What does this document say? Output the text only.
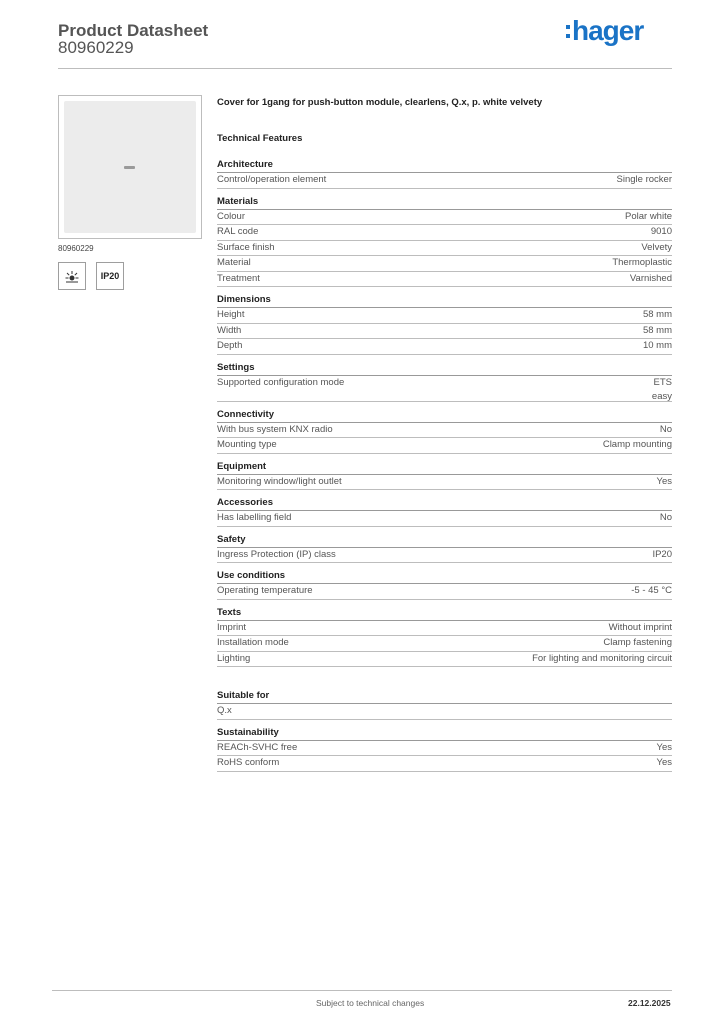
Product Datasheet
80960229
hager
80960229
IP20
Cover for 1gang for push-button module, clearlens, Q.x, p. white velvety
Technical Features
Architecture
Control/operation element	Single rocker
Materials
Colour	Polar white
RAL code	9010
Surface finish	Velvety
Material	Thermoplastic
Treatment	Varnished
Dimensions
Height	58 mm
Width	58 mm
Depth	10 mm
Settings
Supported configuration mode	ETS
easy
Connectivity
With bus system KNX radio	No
Mounting type	Clamp mounting
Equipment
Monitoring window/light outlet	Yes
Accessories
Has labelling field	No
Safety
Ingress Protection (IP) class	IP20
Use conditions
Operating temperature	-5 - 45 °C
Texts
Imprint	Without imprint
Installation mode	Clamp fastening
Lighting	For lighting and monitoring circuit
Suitable for
Q.x
Sustainability
REACh-SVHC free	Yes
RoHS conform	Yes
Subject to technical changes	22.12.2025
